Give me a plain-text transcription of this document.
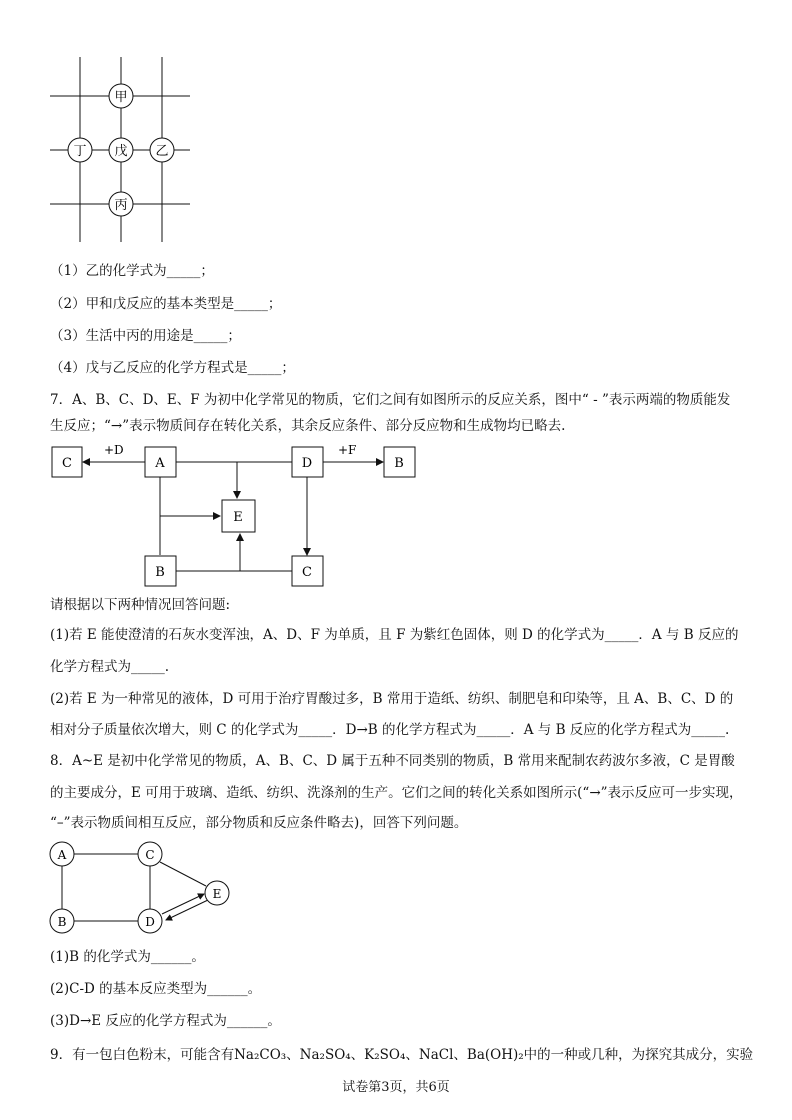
甲
丁 戊 乙
丙
（1）乙的化学式为_____；
（2）甲和戊反应的基本类型是_____；
（3）生活中丙的用途是_____；
（4）戊与乙反应的化学方程式是_____；
7．A、B、C、D、E、F 为初中化学常见的物质，它们之间有如图所示的反应关系，图中“ - ”表示两端的物质能发
生反应；“→”表示物质间存在转化关系，其余反应条件、部分反应物和生成物均已略去.
C	A	D	B
E
B	C
+D	+F
请根据以下两种情况回答问题:
(1)若 E 能使澄清的石灰水变浑浊，A、D、F 为单质，且 F 为紫红色固体，则 D 的化学式为_____．A 与 B 反应的
化学方程式为_____.
(2)若 E 为一种常见的液体，D 可用于治疗胃酸过多，B 常用于造纸、纺织、制肥皂和印染等，且 A、B、C、D 的
相对分子质量依次增大，则 C 的化学式为_____．D→B 的化学方程式为_____．A 与 B 反应的化学方程式为_____.
8．A~E 是初中化学常见的物质，A、B、C、D 属于五种不同类别的物质，B 常用来配制农药波尔多液，C 是胃酸
的主要成分，E 可用于玻璃、造纸、纺织、洗涤剂的生产。它们之间的转化关系如图所示(“→”表示反应可一步实现，
“–”表示物质间相互反应，部分物质和反应条件略去)，回答下列问题。
A	C
E
B	D
(1)B 的化学式为______。
(2)C-D 的基本反应类型为______。
(3)D→E 反应的化学方程式为______。
9．有一包白色粉末，可能含有Na₂CO₃、Na₂SO₄、K₂SO₄、NaCl、Ba(OH)₂中的一种或几种，为探究其成分，实验
试卷第3页，共6页
